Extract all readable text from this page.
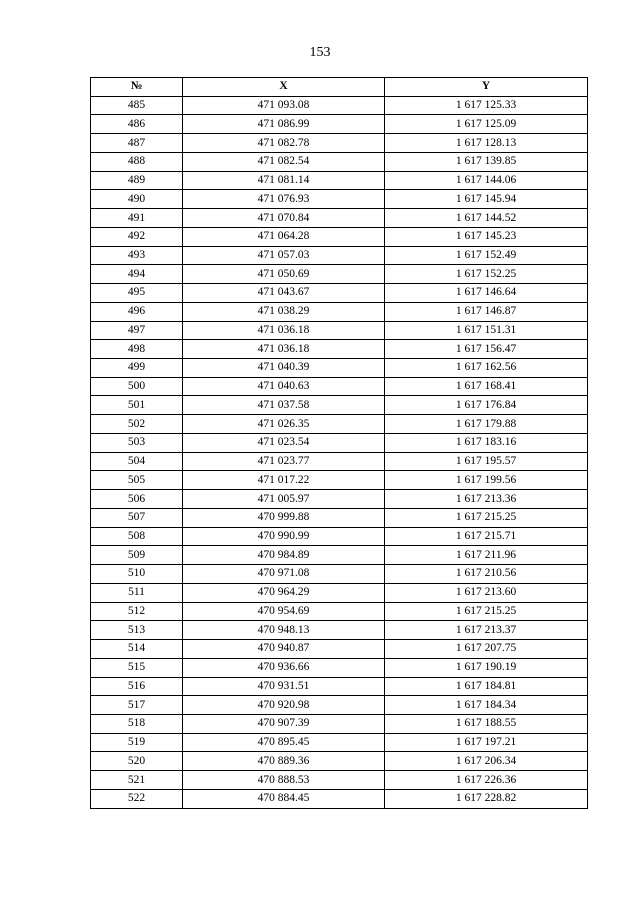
153
№	X	Y
485	471 093.08	1 617 125.33
486	471 086.99	1 617 125.09
487	471 082.78	1 617 128.13
488	471 082.54	1 617 139.85
489	471 081.14	1 617 144.06
490	471 076.93	1 617 145.94
491	471 070.84	1 617 144.52
492	471 064.28	1 617 145.23
493	471 057.03	1 617 152.49
494	471 050.69	1 617 152.25
495	471 043.67	1 617 146.64
496	471 038.29	1 617 146.87
497	471 036.18	1 617 151.31
498	471 036.18	1 617 156.47
499	471 040.39	1 617 162.56
500	471 040.63	1 617 168.41
501	471 037.58	1 617 176.84
502	471 026.35	1 617 179.88
503	471 023.54	1 617 183.16
504	471 023.77	1 617 195.57
505	471 017.22	1 617 199.56
506	471 005.97	1 617 213.36
507	470 999.88	1 617 215.25
508	470 990.99	1 617 215.71
509	470 984.89	1 617 211.96
510	470 971.08	1 617 210.56
511	470 964.29	1 617 213.60
512	470 954.69	1 617 215.25
513	470 948.13	1 617 213.37
514	470 940.87	1 617 207.75
515	470 936.66	1 617 190.19
516	470 931.51	1 617 184.81
517	470 920.98	1 617 184.34
518	470 907.39	1 617 188.55
519	470 895.45	1 617 197.21
520	470 889.36	1 617 206.34
521	470 888.53	1 617 226.36
522	470 884.45	1 617 228.82
